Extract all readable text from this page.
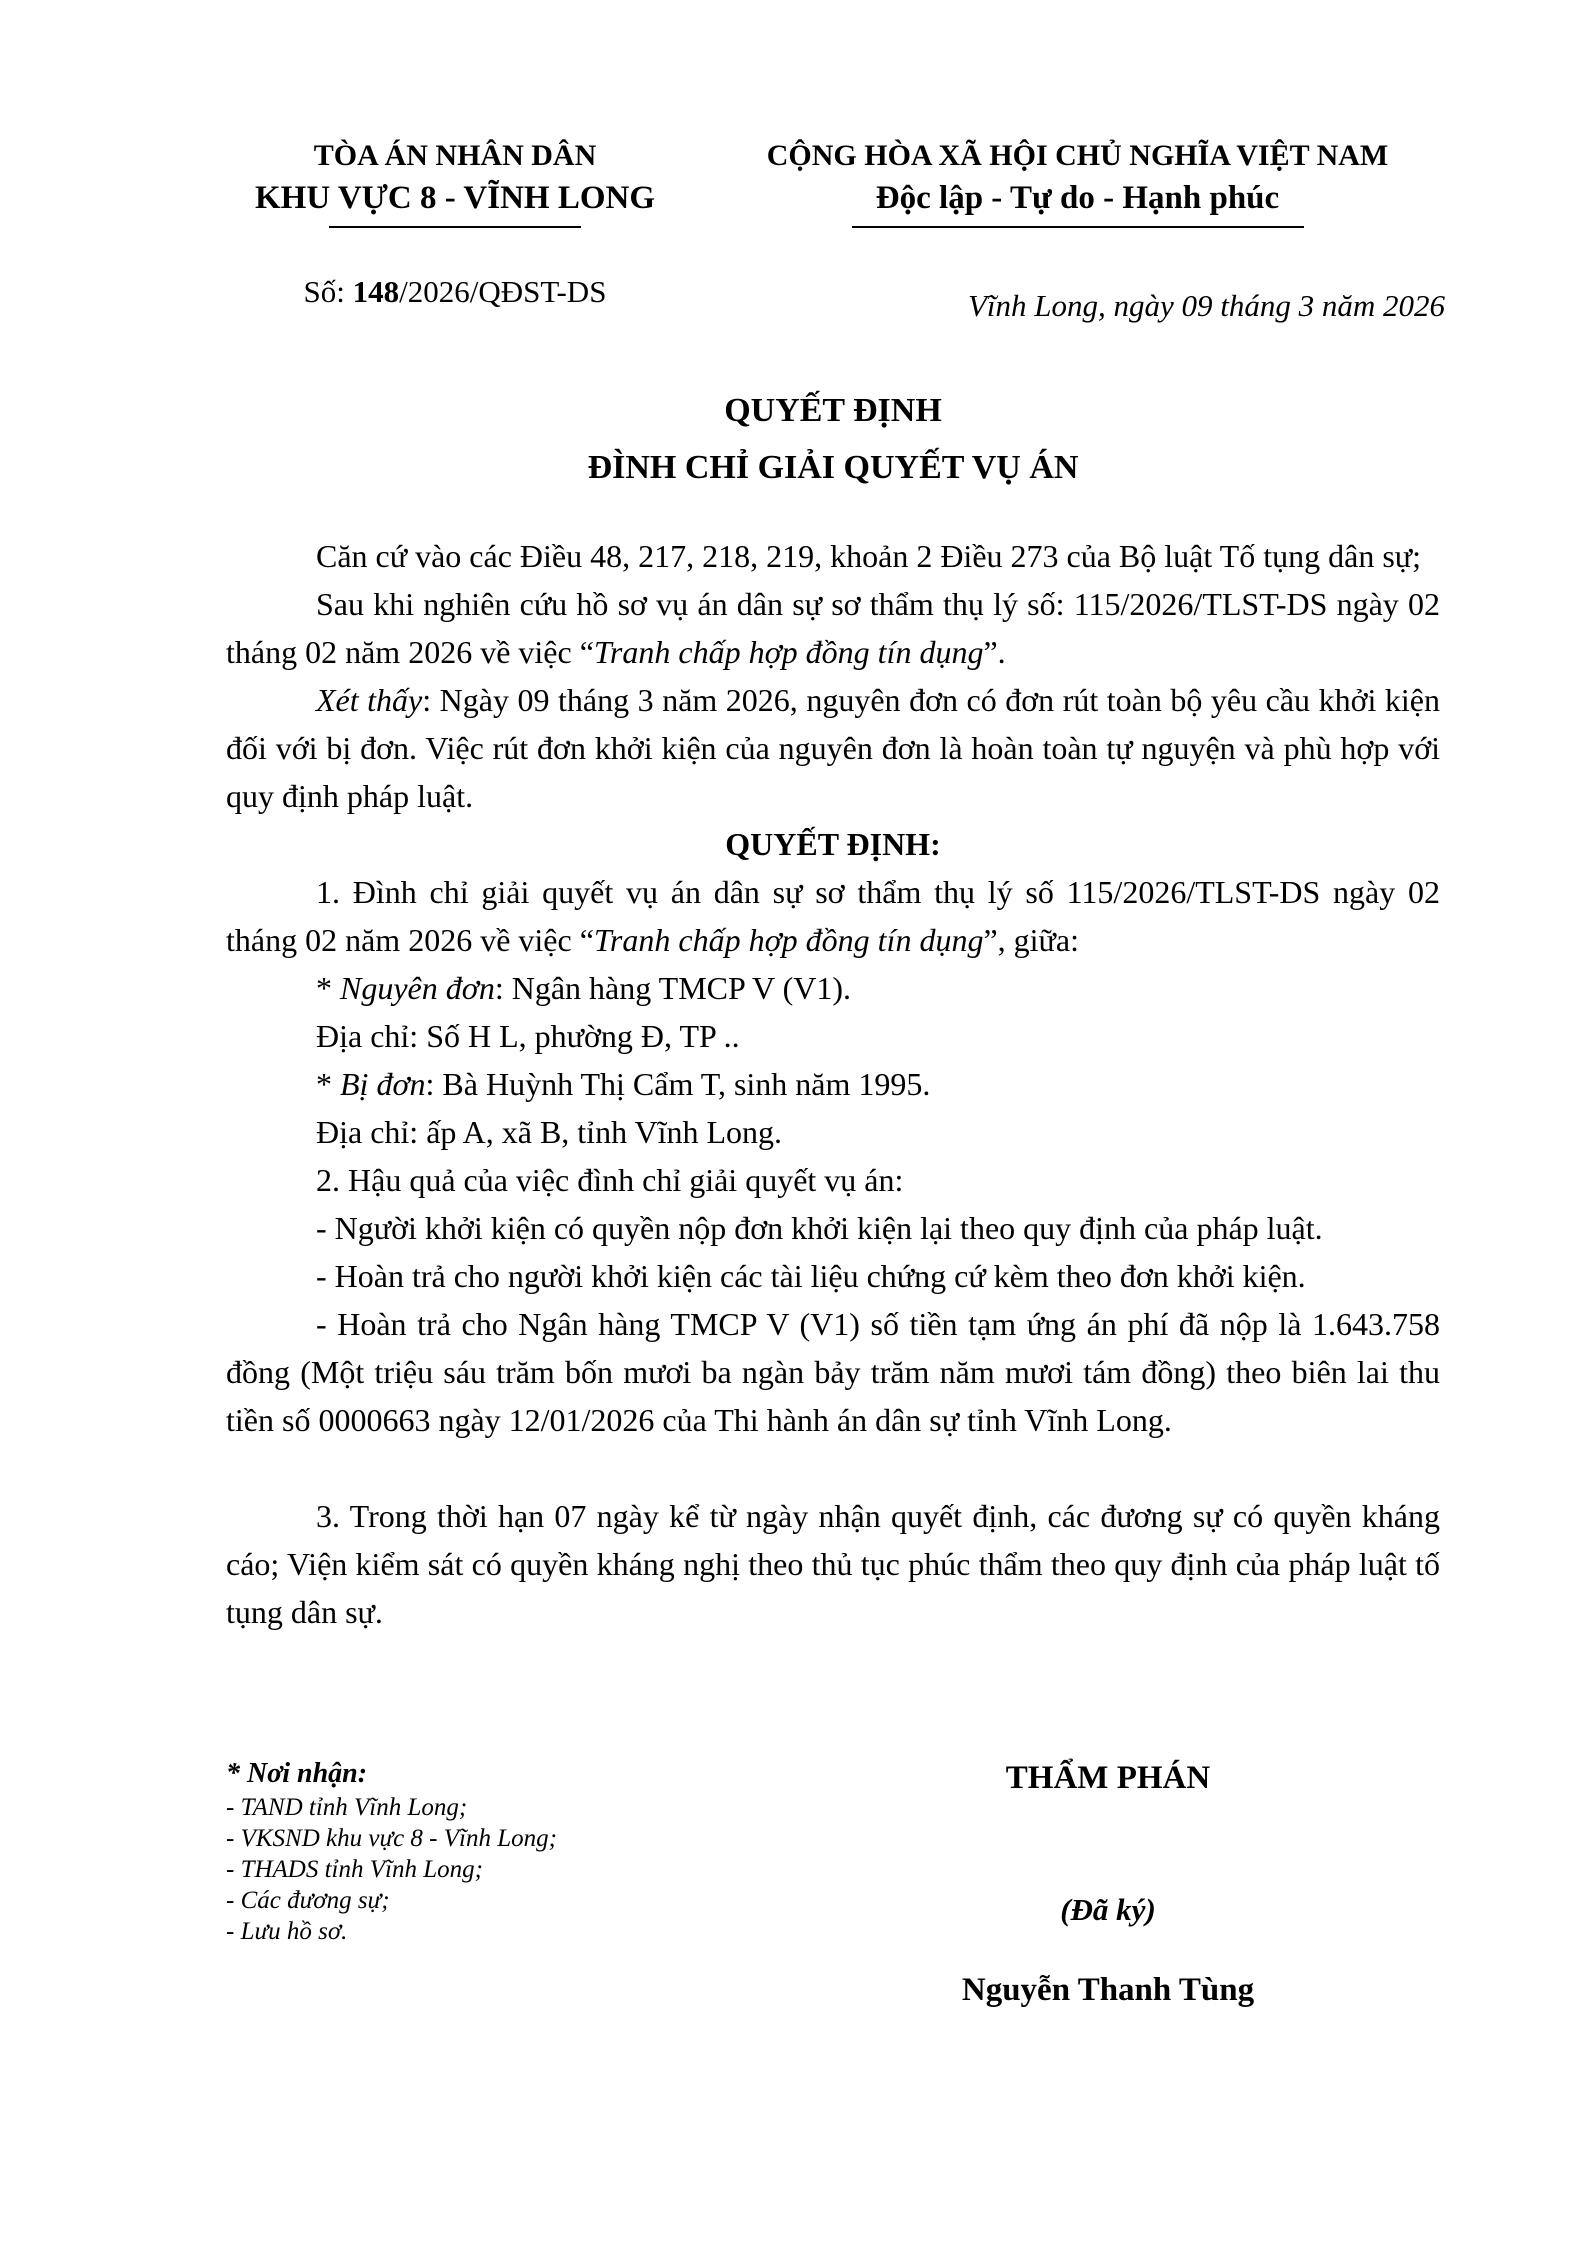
TÒA ÁN NHÂN DÂN
KHU VỰC 8 - VĨNH LONG
Số: 148/2026/QĐST-DS
CỘNG HÒA XÃ HỘI CHỦ NGHĨA VIỆT NAM
Độc lập - Tự do - Hạnh phúc
Vĩnh Long, ngày 09 tháng 3 năm 2026
QUYẾT ĐỊNH
ĐÌNH CHỈ GIẢI QUYẾT VỤ ÁN

Căn cứ vào các Điều 48, 217, 218, 219, khoản 2 Điều 273 của Bộ luật Tố tụng dân sự;

Sau khi nghiên cứu hồ sơ vụ án dân sự sơ thẩm thụ lý số: 115/2026/TLST-DS ngày 02 tháng 02 năm 2026 về việc “Tranh chấp hợp đồng tín dụng”.

Xét thấy: Ngày 09 tháng 3 năm 2026, nguyên đơn có đơn rút toàn bộ yêu cầu khởi kiện đối với bị đơn. Việc rút đơn khởi kiện của nguyên đơn là hoàn toàn tự nguyện và phù hợp với quy định pháp luật.

QUYẾT ĐỊNH:

1. Đình chỉ giải quyết vụ án dân sự sơ thẩm thụ lý số 115/2026/TLST-DS ngày 02 tháng 02 năm 2026 về việc “Tranh chấp hợp đồng tín dụng”, giữa:

* Nguyên đơn: Ngân hàng TMCP V (V1).

Địa chỉ: Số H L, phường Đ, TP ..

* Bị đơn: Bà Huỳnh Thị Cẩm T, sinh năm 1995.

Địa chỉ: ấp A, xã B, tỉnh Vĩnh Long.

2. Hậu quả của việc đình chỉ giải quyết vụ án:

- Người khởi kiện có quyền nộp đơn khởi kiện lại theo quy định của pháp luật.

- Hoàn trả cho người khởi kiện các tài liệu chứng cứ kèm theo đơn khởi kiện.

- Hoàn trả cho Ngân hàng TMCP V (V1) số tiền tạm ứng án phí đã nộp là 1.643.758 đồng (Một triệu sáu trăm bốn mươi ba ngàn bảy trăm năm mươi tám đồng) theo biên lai thu tiền số 0000663 ngày 12/01/2026 của Thi hành án dân sự tỉnh Vĩnh Long.

3. Trong thời hạn 07 ngày kể từ ngày nhận quyết định, các đương sự có quyền kháng cáo; Viện kiểm sát có quyền kháng nghị theo thủ tục phúc thẩm theo quy định của pháp luật tố tụng dân sự.

* Nơi nhận:
- TAND tỉnh Vĩnh Long;
- VKSND khu vực 8 - Vĩnh Long;
- THADS tỉnh Vĩnh Long;
- Các đương sự;
- Lưu hồ sơ.
THẨM PHÁN
(Đã ký)
Nguyễn Thanh Tùng
